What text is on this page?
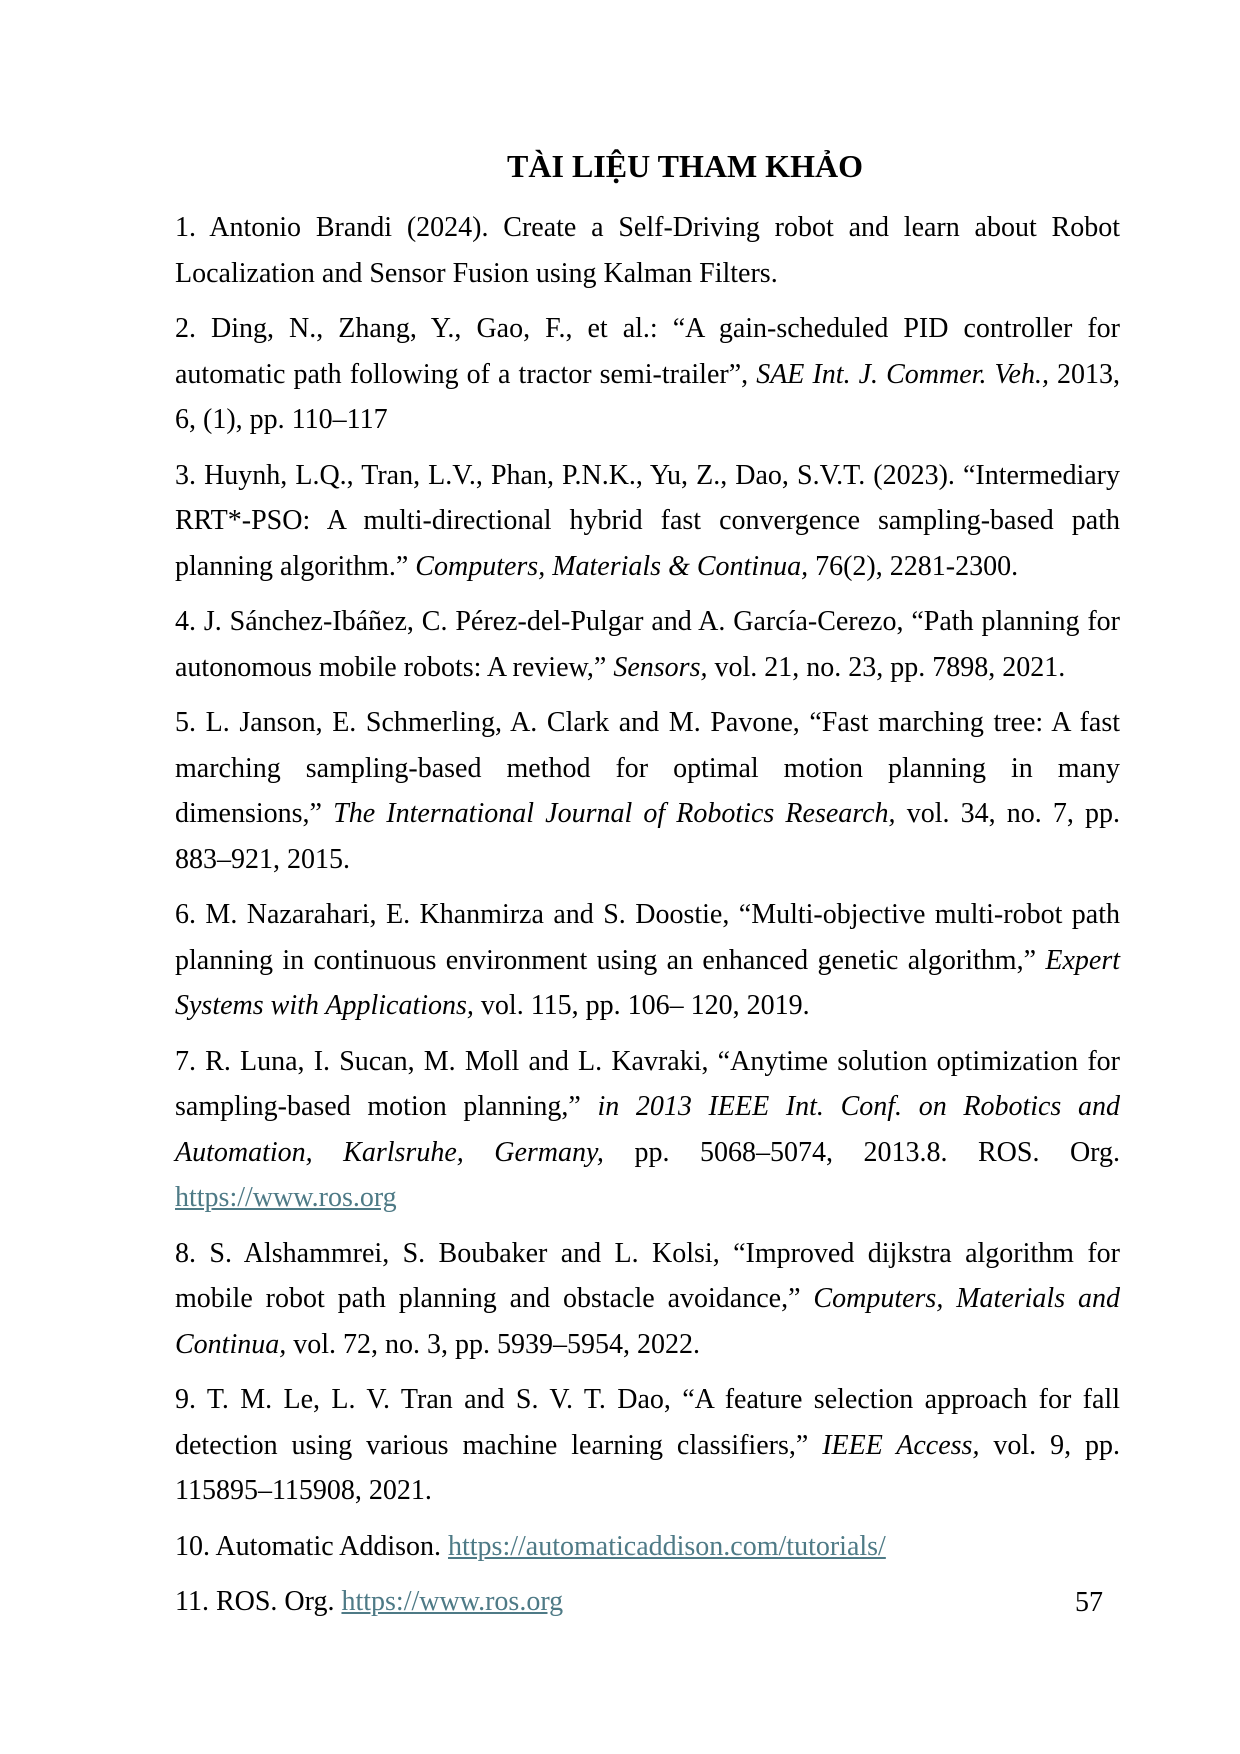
TÀI LIỆU THAM KHẢO

1. Antonio Brandi (2024). Create a Self-Driving robot and learn about Robot Localization and Sensor Fusion using Kalman Filters.

2. Ding, N., Zhang, Y., Gao, F., et al.: “A gain-scheduled PID controller for automatic path following of a tractor semi-trailer”, SAE Int. J. Commer. Veh., 2013, 6, (1), pp. 110–117

3. Huynh, L.Q., Tran, L.V., Phan, P.N.K., Yu, Z., Dao, S.V.T. (2023). “Intermediary RRT*-PSO: A multi-directional hybrid fast convergence sampling-based path planning algorithm.” Computers, Materials & Continua, 76(2), 2281-2300.

4. J. Sánchez-Ibáñez, C. Pérez-del-Pulgar and A. García-Cerezo, “Path planning for autonomous mobile robots: A review,” Sensors, vol. 21, no. 23, pp. 7898, 2021.

5. L. Janson, E. Schmerling, A. Clark and M. Pavone, “Fast marching tree: A fast marching sampling-based method for optimal motion planning in many dimensions,” The International Journal of Robotics Research, vol. 34, no. 7, pp. 883–921, 2015.

6. M. Nazarahari, E. Khanmirza and S. Doostie, “Multi-objective multi-robot path planning in continuous environment using an enhanced genetic algorithm,” Expert Systems with Applications, vol. 115, pp. 106– 120, 2019.

7. R. Luna, I. Sucan, M. Moll and L. Kavraki, “Anytime solution optimization for sampling-based motion planning,” in 2013 IEEE Int. Conf. on Robotics and Automation, Karlsruhe, Germany, pp. 5068–5074, 2013.8. ROS. Org. https://www.ros.org

8. S. Alshammrei, S. Boubaker and L. Kolsi, “Improved dijkstra algorithm for mobile robot path planning and obstacle avoidance,” Computers, Materials and Continua, vol. 72, no. 3, pp. 5939–5954, 2022.

9. T. M. Le, L. V. Tran and S. V. T. Dao, “A feature selection approach for fall detection using various machine learning classifiers,” IEEE Access, vol. 9, pp. 115895–115908, 2021.

10. Automatic Addison. https://automaticaddison.com/tutorials/

11. ROS. Org. https://www.ros.org	57
